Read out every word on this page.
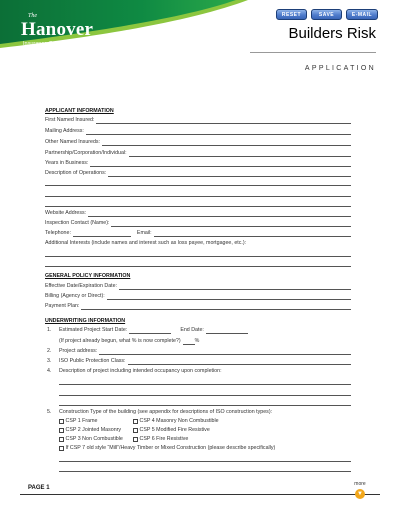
The
Hanover
Insurance Group®
RESET	SAVE	E-MAIL
Builders Risk
APPLICATION
APPLICANT INFORMATION
First Named Insured:
Mailing Address:
Other Named Insureds:
Partnership/Corporation/Individual:
Years in Business:
Description of Operations:
Website Address:
Inspection Contact (Name):
Telephone:	Email:
Additional Interests (include names and interest such as loss payee, mortgagee, etc.):
GENERAL POLICY INFORMATION
Effective Date/Expiration Date:
Billing (Agency or Direct):
Payment Plan:
UNDERWRITING INFORMATION
1.	Estimated Project Start Date:	End Date:
(If project already begun, what % is now complete?)	%
2.	Project address:
3.	ISO Public Protection Class:
4.	Description of project including intended occupancy upon completion:
5.	Construction Type of the building (see appendix for descriptions of ISO construction types):
CSP 1 Frame	CSP 4 Masonry Non Combustible
CSP 2 Jointed Masonry	CSP 5 Modified Fire Resistive
CSP 3 Non Combustible	CSP 6 Fire Resistive
If CSP 7 old style “Mill”/Heavy Timber or Mixed Construction (please describe specifically)
PAGE 1
more
▼
